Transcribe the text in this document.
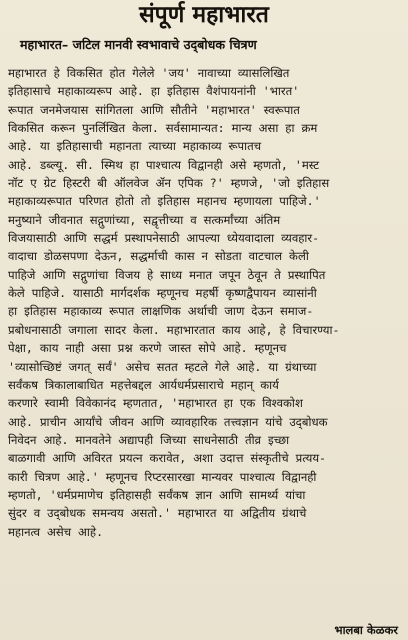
संपूर्ण महाभारत
महाभारत– जटिल मानवी स्वभावाचे उद्‌बोधक चित्रण
महाभारत हे विकसित होत गेलेले 'जय' नावाच्या व्यासलिखित
इतिहासाचे महाकाव्यरूप आहे. हा इतिहास वैशंपायनांनी 'भारत'
रूपात जनमेजयास सांगितला आणि सौतीने 'महाभारत' स्वरूपात
विकसित करून पुनर्लिखित केला. सर्वसामान्यत: मान्य असा हा क्रम
आहे. या इतिहासाची महानता त्याच्या महाकाव्य रूपातच
आहे. डब्ल्यू. सी. स्मिथ हा पाश्चात्य विद्वानही असे म्हणतो, 'मस्ट
नॉट ए ग्रेट हिस्टरी बी ऑलवेज ॲन एपिक ?' म्हणजे, 'जो इतिहास
महाकाव्यरूपात परिणत होतो तो इतिहास महानच म्हणायला पाहिजे.'
मनुष्याने जीवनात सद्गुणांच्या, सद्वृत्तीच्या व सत्कर्मांच्या अंतिम
विजयासाठी आणि सद्धर्म प्रस्थापनेसाठी आपल्या ध्येयवादाला व्यवहार-
वादाचा डोळसपणा देऊन, सद्धर्माची कास न सोडता वाटचाल केली
पाहिजे आणि सद्गुणांचा विजय हे साध्य मनात जपून ठेवून ते प्रस्थापित
केले पाहिजे. यासाठी मार्गदर्शक म्हणूनच महर्षी कृष्णद्वैपायन व्यासांनी
हा इतिहास महाकाव्य रूपात लाक्षणिक अर्थाची जाण देऊन समाज-
प्रबोधनासाठी जगाला सादर केला. महाभारतात काय आहे, हे विचारण्या-
पेक्षा, काय नाही असा प्रश्न करणे जास्त सोपे आहे. म्हणूनच
'व्यासोच्छिष्टं जगत् सर्वं' असेच सतत म्हटले गेले आहे. या ग्रंथाच्या
सर्वंकष त्रिकालाबाधित महत्तेबद्दल आर्यधर्मप्रसाराचे महान् कार्य
करणारे स्वामी विवेकानंद म्हणतात, 'महाभारत हा एक विश्वकोश
आहे. प्राचीन आर्यांचे जीवन आणि व्यावहारिक तत्त्वज्ञान यांचे उद्‌बोधक
निवेदन आहे. मानवतेने अद्यापही जिच्या साधनेसाठी तीव्र इच्छा
बाळगावी आणि अविरत प्रयत्न करावेत, अशा उदात्त संस्कृतीचे प्रत्यय-
कारी चित्रण आहे.' म्हणूनच रिप्टरसारखा मान्यवर पाश्चात्य विद्वानही
म्हणतो, 'धर्मप्रमाणेच इतिहासही सर्वंकष ज्ञान आणि सामर्थ्य यांचा
सुंदर व उद्‌बोधक समन्वय असतो.' महाभारत या अद्वितीय ग्रंथाचे
महानत्व असेच आहे.
भालबा केळकर
